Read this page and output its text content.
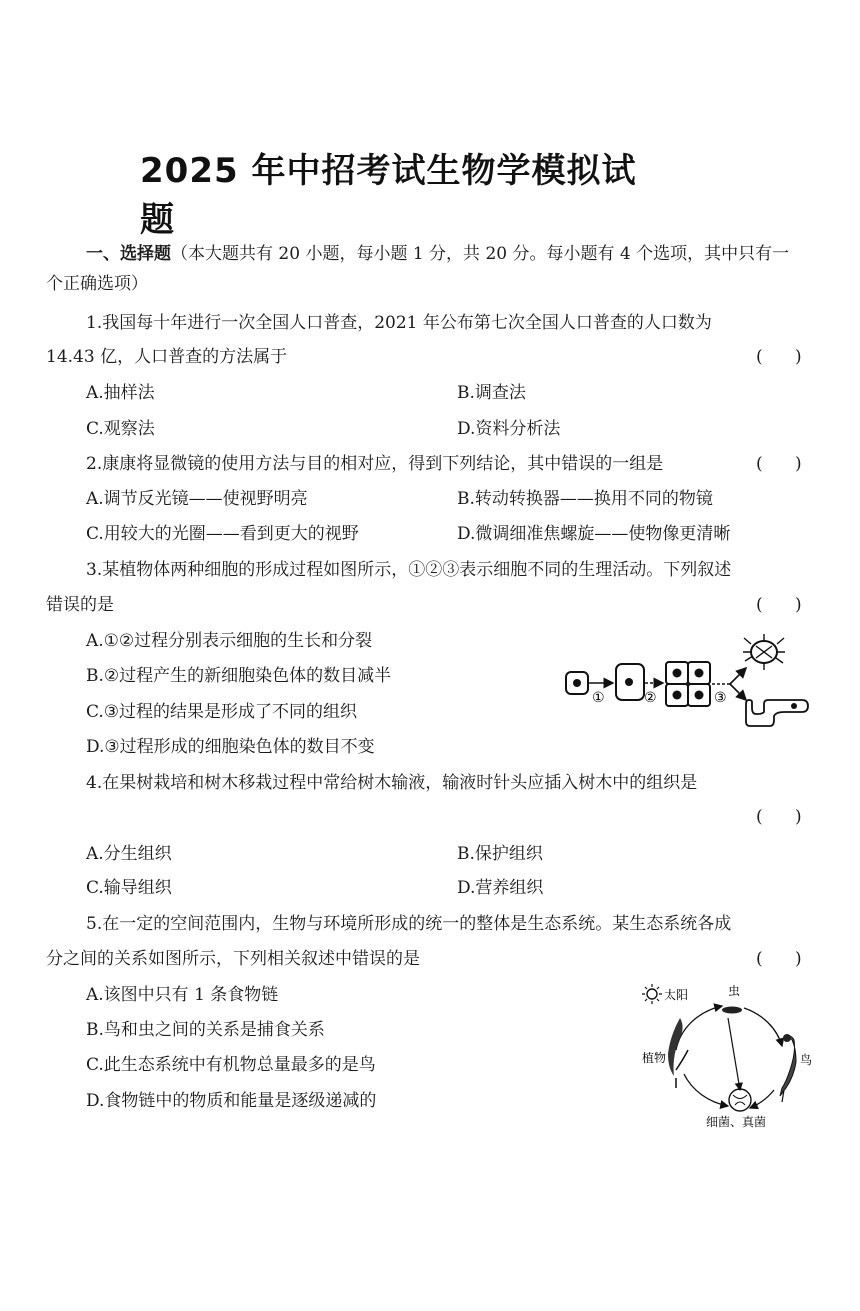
2025 年中招考试生物学模拟试题
一、选择题（本大题共有 20 小题，每小题 1 分，共 20 分。每小题有 4 个选项，其中只有一
个正确选项）
1.我国每十年进行一次全国人口普查，2021 年公布第七次全国人口普查的人口数为
14.43 亿，人口普查的方法属于	(      )
A.抽样法	B.调查法
C.观察法	D.资料分析法
2.康康将显微镜的使用方法与目的相对应，得到下列结论，其中错误的一组是	(      )
A.调节反光镜——使视野明亮	B.转动转换器——换用不同的物镜
C.用较大的光圈——看到更大的视野	D.微调细准焦螺旋——使物像更清晰
3.某植物体两种细胞的形成过程如图所示，①②③表示细胞不同的生理活动。下列叙述
错误的是	(      )
A.①②过程分别表示细胞的生长和分裂
B.②过程产生的新细胞染色体的数目减半
C.③过程的结果是形成了不同的组织
D.③过程形成的细胞染色体的数目不变
①	②	③
4.在果树栽培和树木移栽过程中常给树木输液，输液时针头应插入树木中的组织是
(      )
A.分生组织	B.保护组织
C.输导组织	D.营养组织
5.在一定的空间范围内，生物与环境所形成的统一的整体是生态系统。某生态系统各成
分之间的关系如图所示，下列相关叙述中错误的是	(      )
A.该图中只有 1 条食物链
B.鸟和虫之间的关系是捕食关系
C.此生态系统中有机物总量最多的是鸟
D.食物链中的物质和能量是逐级递减的
太阳	虫
植物	鸟
细菌、真菌
